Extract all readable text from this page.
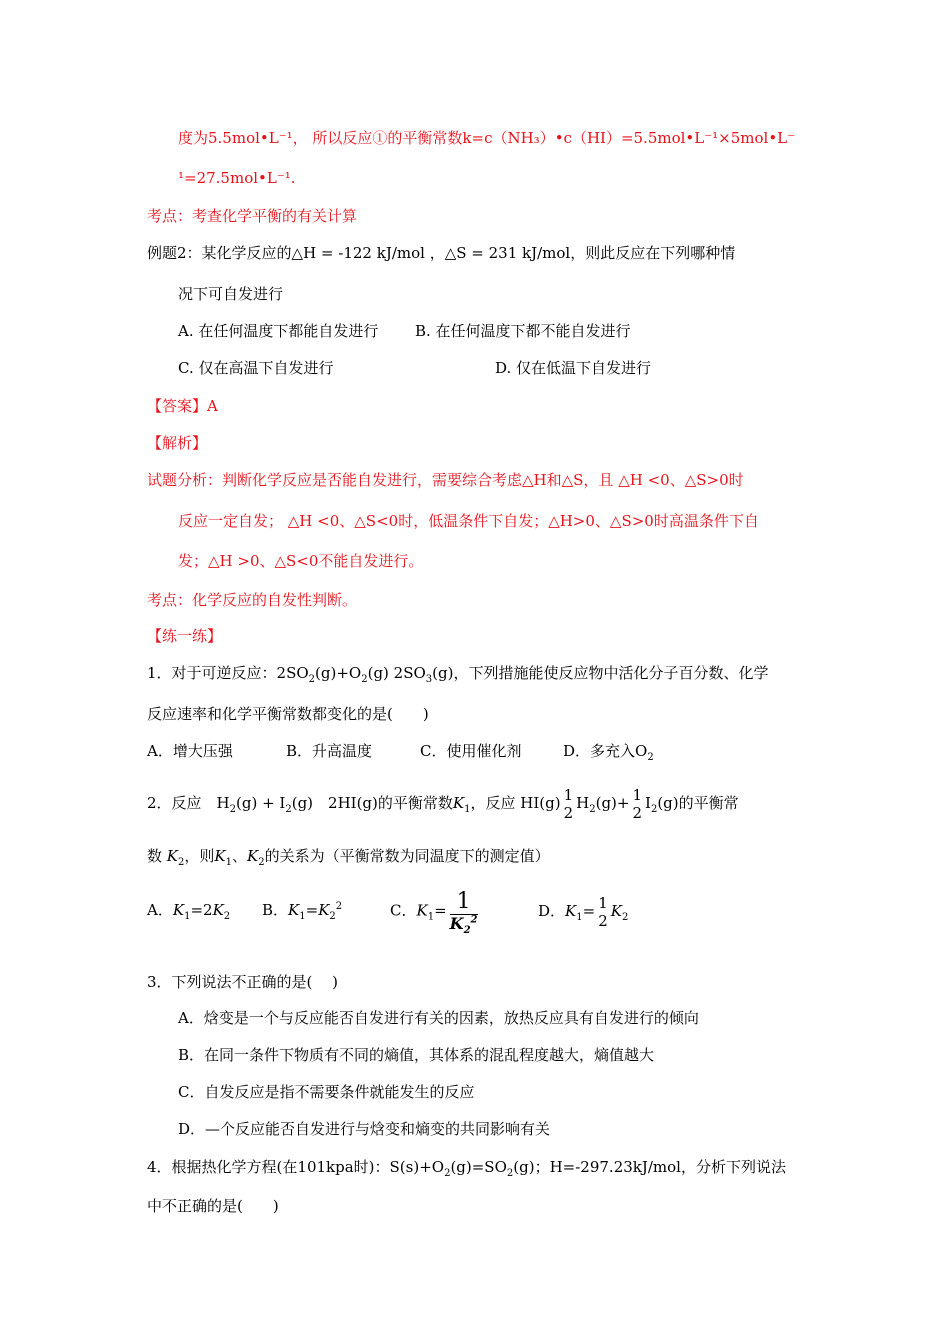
度为5.5mol•L⁻¹， 所以反应①的平衡常数k=c（NH₃）•c（HI）=5.5mol•L⁻¹×5mol•L⁻
¹=27.5mol•L⁻¹.
考点：考查化学平衡的有关计算
例题2：某化学反应的△H = -122 kJ/mol ，△S = 231 kJ/mol，则此反应在下列哪种情
况下可自发进行
A. 在任何温度下都能自发进行 B. 在任何温度下都不能自发进行
C. 仅在高温下自发进行	D. 仅在低温下自发进行
【答案】A
【解析】
试题分析：判断化学反应是否能自发进行，需要综合考虑△H和△S，且 △H <0、△S>0时
反应一定自发； △H <0、△S<0时，低温条件下自发；△H>0、△S>0时高温条件下自
发；△H >0、△S<0不能自发进行。
考点：化学反应的自发性判断。
【练一练】
1．对于可逆反应：$2SO_2(g)+O_2(g)$ $2SO_3(g)$，下列措施能使反应物中活化分子百分数、化学
反应速率和化学平衡常数都变化的是(　　)
A．增大压强	B．升高温度	C．使用催化剂	D．多充入$O_2$
2．反应　$H_2(g) + I_2(g)$　2HI(g)的平衡常数$K_1$，反应 HI(g) 1
2
$H_2(g)+ 1$
2
$I_2(g)$的平衡常
数 $K_2$，则$K_1$、$K_2$的关系为（平衡常数为同温度下的测定值）
A．$K_1=2K_2$ B．$K_1=K_2^2$	C．$K_1= \frac{1}{K_2^2}$	D．$K_1= 1$
2
$K_2$
3．下列说法不正确的是(　 )
A．焓变是一个与反应能否自发进行有关的因素，放热反应具有自发进行的倾向
B．在同一条件下物质有不同的熵值，其体系的混乱程度越大，熵值越大
C．自发反应是指不需要条件就能发生的反应
D．—个反应能否自发进行与焓变和熵变的共同影响有关
4．根据热化学方程(在101kpa时)：$S(s)+O_2(g)=SO_2(g)$；H=-297.23kJ/mol，分析下列说法
中不正确的是(　　)
